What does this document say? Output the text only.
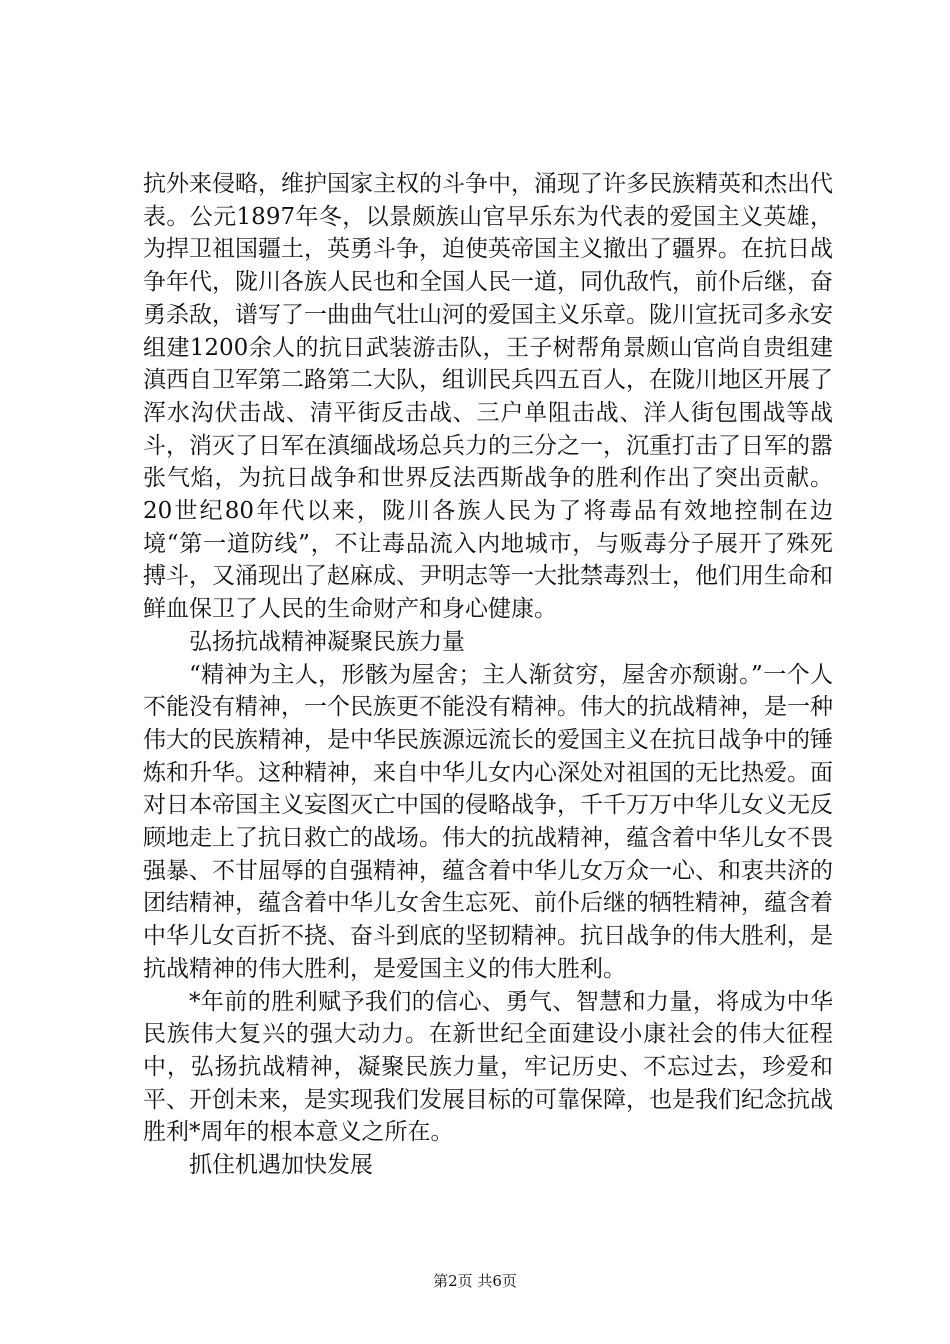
抗外来侵略，维护国家主权的斗争中，涌现了许多民族精英和杰出代表。公元1897年冬，以景颇族山官早乐东为代表的爱国主义英雄，为捍卫祖国疆土，英勇斗争，迫使英帝国主义撤出了疆界。在抗日战争年代，陇川各族人民也和全国人民一道，同仇敌忾，前仆后继，奋勇杀敌，谱写了一曲曲气壮山河的爱国主义乐章。陇川宣抚司多永安组建1200余人的抗日武装游击队，王子树帮角景颇山官尚自贵组建滇西自卫军第二路第二大队，组训民兵四五百人，在陇川地区开展了浑水沟伏击战、清平街反击战、三户单阻击战、洋人街包围战等战斗，消灭了日军在滇缅战场总兵力的三分之一，沉重打击了日军的嚣张气焰，为抗日战争和世界反法西斯战争的胜利作出了突出贡献。20世纪80年代以来，陇川各族人民为了将毒品有效地控制在边境“第一道防线”，不让毒品流入内地城市，与贩毒分子展开了殊死搏斗，又涌现出了赵麻成、尹明志等一大批禁毒烈士，他们用生命和鲜血保卫了人民的生命财产和身心健康。

弘扬抗战精神凝聚民族力量

“精神为主人，形骸为屋舍；主人渐贫穷，屋舍亦颓谢。”一个人不能没有精神，一个民族更不能没有精神。伟大的抗战精神，是一种伟大的民族精神，是中华民族源远流长的爱国主义在抗日战争中的锤炼和升华。这种精神，来自中华儿女内心深处对祖国的无比热爱。面对日本帝国主义妄图灭亡中国的侵略战争，千千万万中华儿女义无反顾地走上了抗日救亡的战场。伟大的抗战精神，蕴含着中华儿女不畏强暴、不甘屈辱的自强精神，蕴含着中华儿女万众一心、和衷共济的团结精神，蕴含着中华儿女舍生忘死、前仆后继的牺牲精神，蕴含着中华儿女百折不挠、奋斗到底的坚韧精神。抗日战争的伟大胜利，是抗战精神的伟大胜利，是爱国主义的伟大胜利。

*年前的胜利赋予我们的信心、勇气、智慧和力量，将成为中华民族伟大复兴的强大动力。在新世纪全面建设小康社会的伟大征程中，弘扬抗战精神，凝聚民族力量，牢记历史、不忘过去，珍爱和平、开创未来，是实现我们发展目标的可靠保障，也是我们纪念抗战胜利*周年的根本意义之所在。

抓住机遇加快发展

第2页 共6页
